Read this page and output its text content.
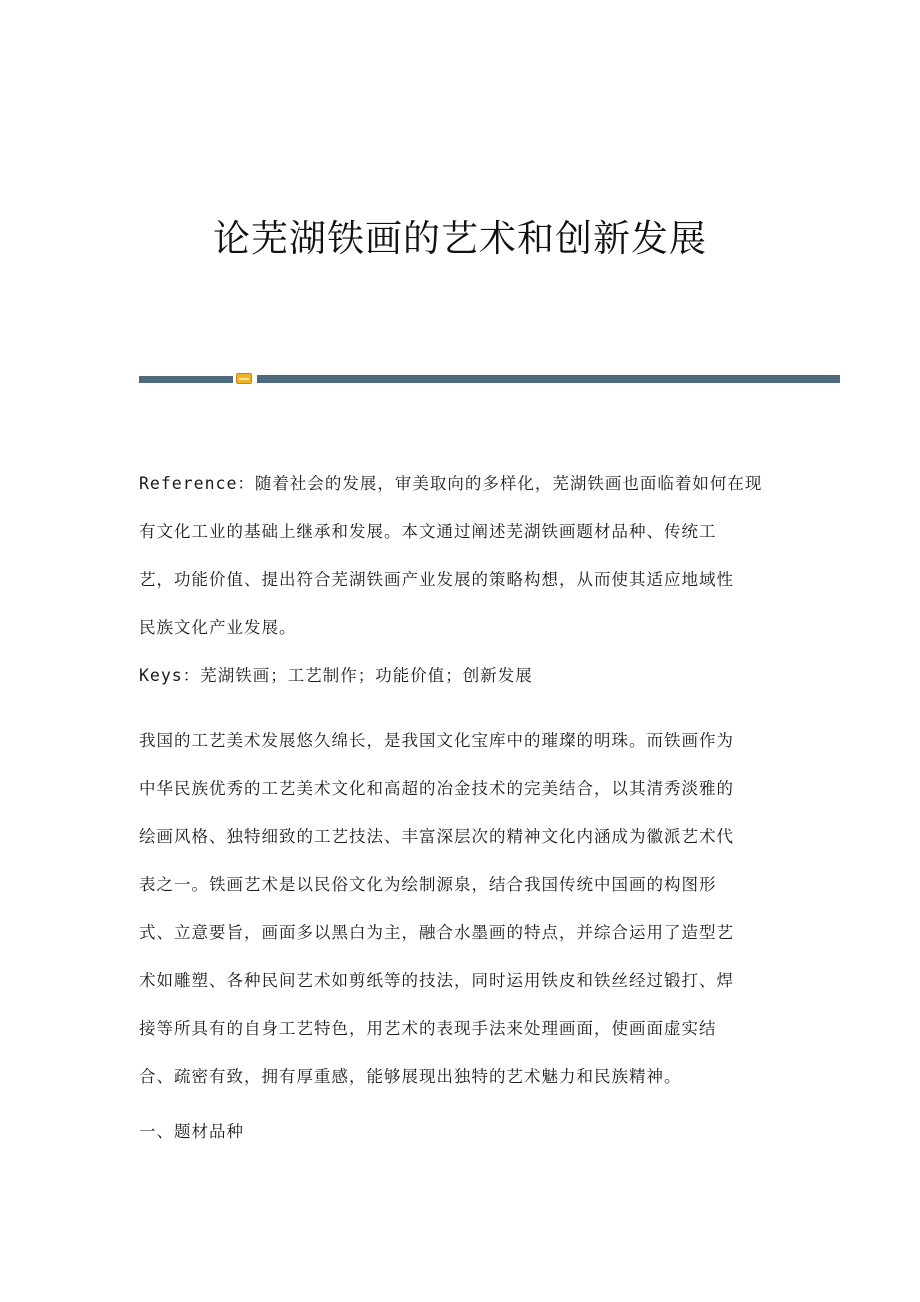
论芜湖铁画的艺术和创新发展
Reference：随着社会的发展，审美取向的多样化，芜湖铁画也面临着如何在现
有文化工业的基础上继承和发展。本文通过阐述芜湖铁画题材品种、传统工
艺，功能价值、提出符合芜湖铁画产业发展的策略构想，从而使其适应地域性
民族文化产业发展。
Keys：芜湖铁画；工艺制作；功能价值；创新发展
我国的工艺美术发展悠久绵长，是我国文化宝库中的璀璨的明珠。而铁画作为
中华民族优秀的工艺美术文化和高超的冶金技术的完美结合，以其清秀淡雅的
绘画风格、独特细致的工艺技法、丰富深层次的精神文化内涵成为徽派艺术代
表之一。铁画艺术是以民俗文化为绘制源泉，结合我国传统中国画的构图形
式、立意要旨，画面多以黑白为主，融合水墨画的特点，并综合运用了造型艺
术如雕塑、各种民间艺术如剪纸等的技法，同时运用铁皮和铁丝经过锻打、焊
接等所具有的自身工艺特色，用艺术的表现手法来处理画面，使画面虚实结
合、疏密有致，拥有厚重感，能够展现出独特的艺术魅力和民族精神。
一、题材品种
